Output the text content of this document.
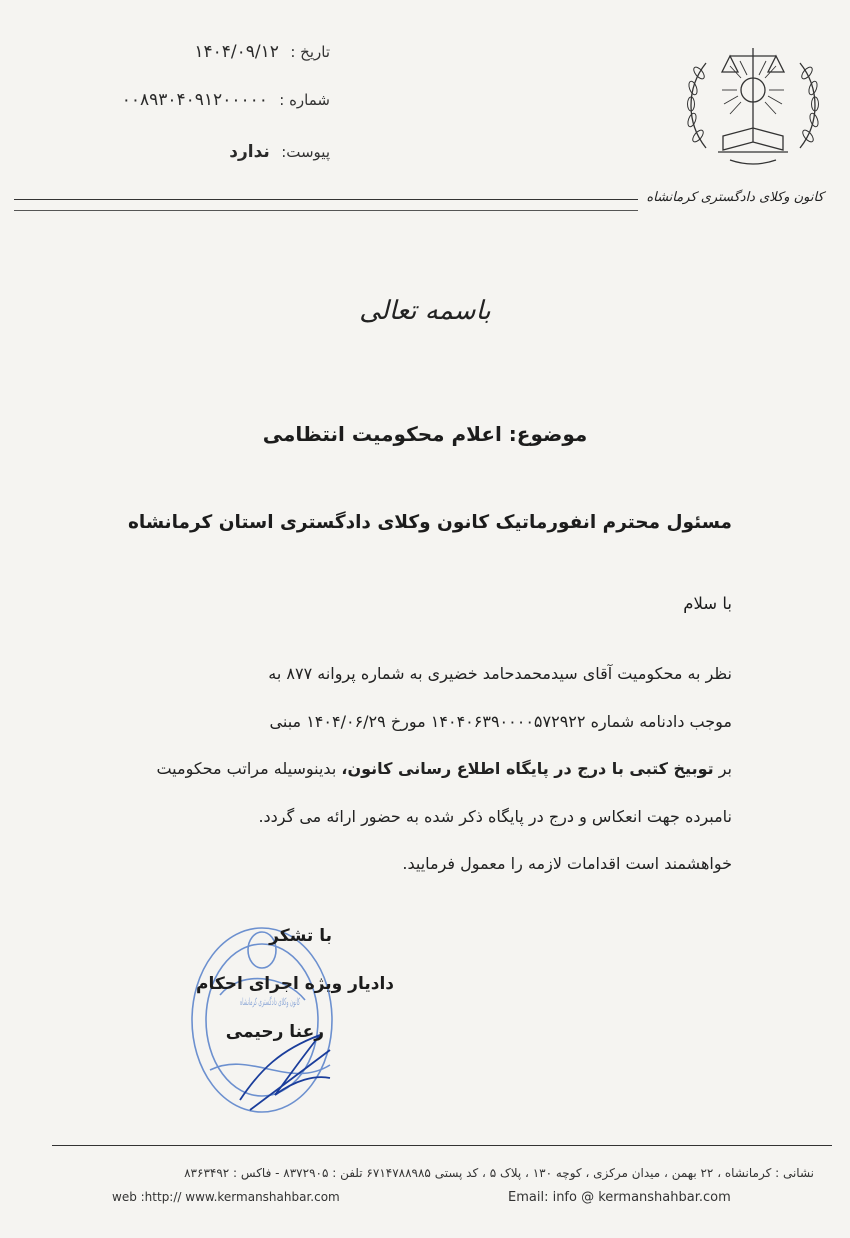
تاريخ : ۱۴۰۴/۰۹/۱۲
شماره : ۰۰۸۹۳۰۴۰۹۱۲۰۰۰۰۰
پیوست: ندارد
کانون وکلای دادگستری کرمانشاه
باسمه تعالی
موضوع: اعلام محکومیت انتظامی
مسئول محترم انفورماتیک کانون وکلای دادگستری استان کرمانشاه
با سلام
نظر به محکومیت آقای سیدمحمدحامد خضیری به شماره پروانه ۸۷۷ به
موجب دادنامه شماره ۱۴۰۴۰۶۳۹۰۰۰۰۵۷۲۹۲۲ مورخ ۱۴۰۴/۰۶/۲۹ مبنی
بر توبیخ کتبی با درج در پایگاه اطلاع رسانی کانون، بدینوسیله مراتب محکومیت
نامبرده جهت انعکاس و درج در پایگاه ذکر شده به حضور ارائه می گردد.
خواهشمند است اقدامات لازمه را معمول فرمایید.
کانون وکلای دادگستری کرمانشاه
با تشکر
دادیار ویژه اجرای احکام
رعنا رحیمی
نشانی : کرمانشاه ، ۲۲ بهمن ، میدان مرکزی ، کوچه ۱۳۰ ، پلاک ۵ ، کد پستی ۶۷۱۴۷۸۸۹۸۵ تلفن : ۸۳۷۲۹۰۵ - فاکس : ۸۳۶۳۴۹۲
Email: info @ kermanshahbar.com
web :http:// www.kermanshahbar.com
